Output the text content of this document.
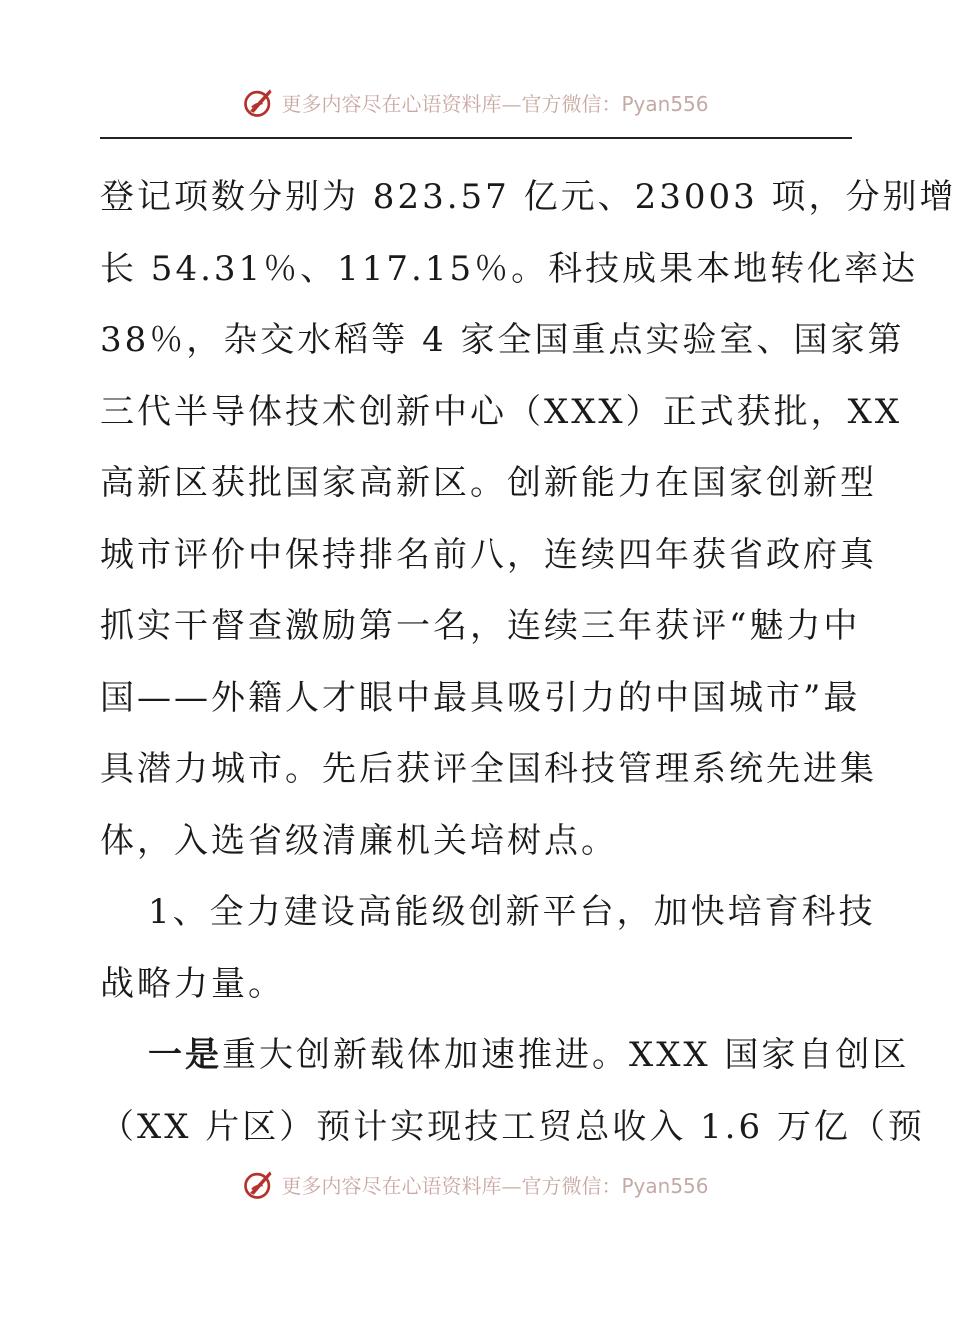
更多内容尽在心语资料库—官方微信：Pyan556
登记项数分别为 823.57 亿元、23003 项，分别增
长 54.31％、117.15％。科技成果本地转化率达
38％，杂交水稻等 4 家全国重点实验室、国家第
三代半导体技术创新中心（XXX）正式获批，XX
高新区获批国家高新区。创新能力在国家创新型
城市评价中保持排名前八，连续四年获省政府真
抓实干督查激励第一名，连续三年获评“魅力中
国——外籍人才眼中最具吸引力的中国城市”最
具潜力城市。先后获评全国科技管理系统先进集
体，入选省级清廉机关培树点。
1、全力建设高能级创新平台，加快培育科技
战略力量。
一是重大创新载体加速推进。XXX 国家自创区
（XX 片区）预计实现技工贸总收入 1.6 万亿（预
更多内容尽在心语资料库—官方微信：Pyan556
